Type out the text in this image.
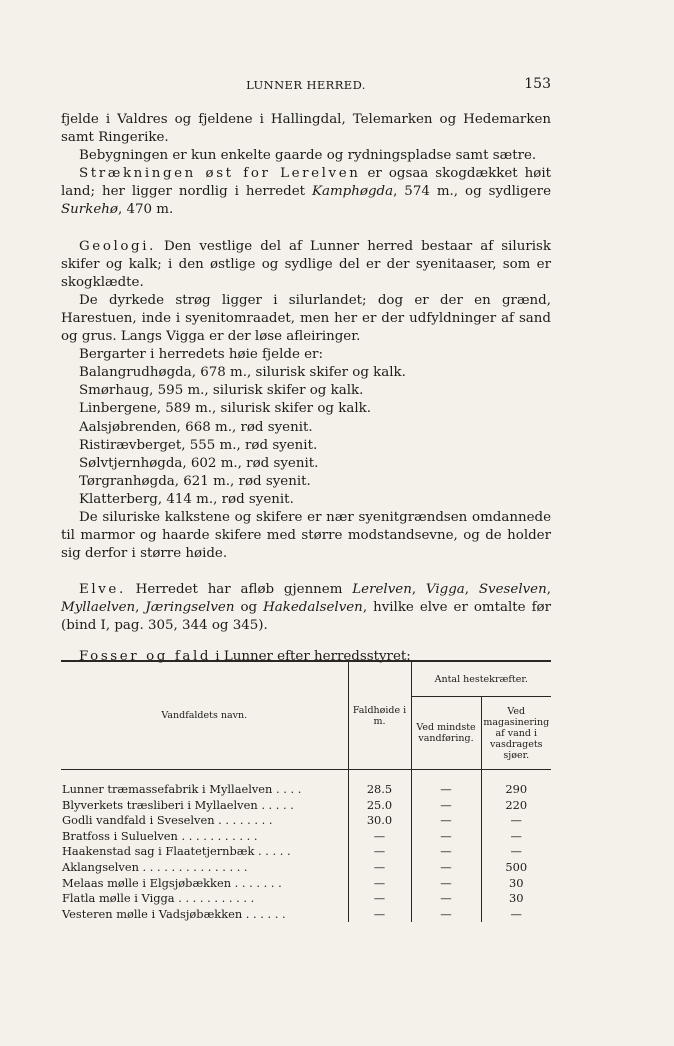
LUNNER HERRED.	153

fjelde i Valdres og fjeldene i Hallingdal, Telemarken og Hedemarken samt Ringerike.

Bebygningen er kun enkelte gaarde og rydningspladse samt sætre.

Strækningen øst for Lerelven er ogsaa skogdækket høit land; her ligger nordlig i herredet Kamphøgda, 574 m., og sydligere Surkehø, 470 m.

Geologi. Den vestlige del af Lunner herred bestaar af silurisk skifer og kalk; i den østlige og sydlige del er der syenitaaser, som er skogklædte.

De dyrkede strøg ligger i silurlandet; dog er der en grænd, Harestuen, inde i syenitomraadet, men her er der udfyldninger af sand og grus. Langs Vigga er der løse afleiringer.

Bergarter i herredets høie fjelde er:

Balangrudhøgda, 678 m., silurisk skifer og kalk.
Smørhaug, 595 m., silurisk skifer og kalk.
Linbergene, 589 m., silurisk skifer og kalk.
Aalsjøbrenden, 668 m., rød syenit.
Ristirævberget, 555 m., rød syenit.
Sølvtjernhøgda, 602 m., rød syenit.
Tørgranhøgda, 621 m., rød syenit.
Klatterberg, 414 m., rød syenit.

De siluriske kalkstene og skifere er nær syenitgrændsen omdannede til marmor og haarde skifere med større modstandsevne, og de holder sig derfor i større høide.

Elve. Herredet har afløb gjennem Lerelven, Vigga, Sveselven, Myllaelven, Jæringselven og Hakedalselven, hvilke elve er omtalte før (bind I, pag. 305, 344 og 345).

Fosser og fald i Lunner efter herredsstyret:

Vandfaldets navn.	Faldhøide i m.	Antal hestekræfter.	
		Ved mindste vandføring.	Ved magasinering af vand i vasdragets sjøer.
Lunner træmassefabrik i Myllaelven . . . .	28.5	—	290
Blyverkets træsliberi i Myllaelven . . . . .	25.0	—	220
Godli vandfald i Sveselven . . . . . . . .	30.0	—	—
Bratfoss i Suluelven . . . . . . . . . . .	—	—	—
Haakenstad sag i Flaatetjernbæk . . . . .	—	—	—
Aklangselven . . . . . . . . . . . . . . .	—	—	500
Melaas mølle i Elgsjøbækken . . . . . . .	—	—	30
Flatla mølle i Vigga . . . . . . . . . . .	—	—	30
Vesteren mølle i Vadsjøbækken . . . . . .	—	—	—
